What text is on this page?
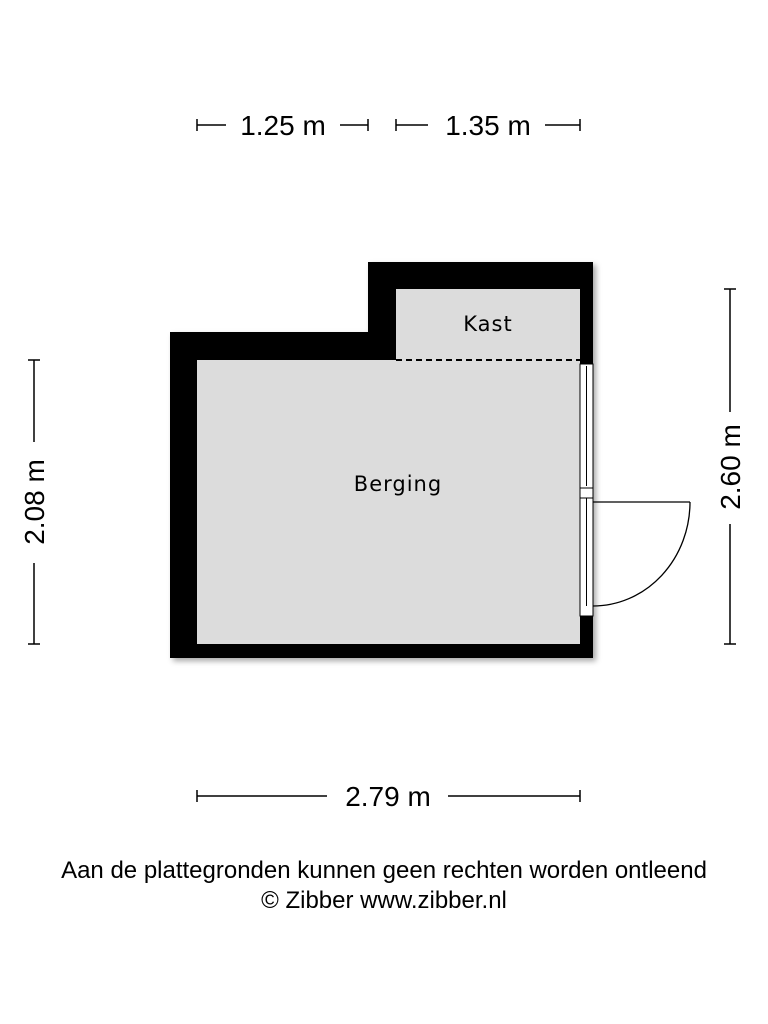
Kast
Berging
1.25 m	1.35 m
2.08 m	2.60 m
2.79 m
Aan de plattegronden kunnen geen rechten worden ontleend
© Zibber www.zibber.nl
